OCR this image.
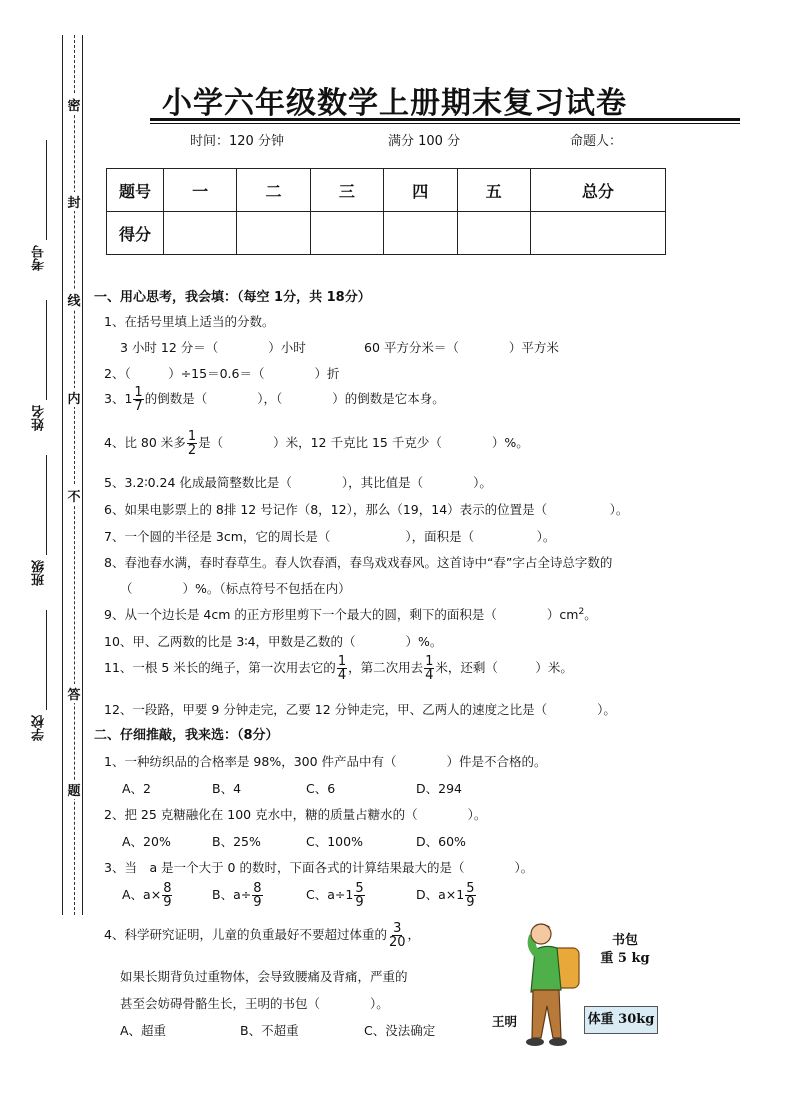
密
封
线
内
不
答
题
考号
姓名
班级
学校
小学六年级数学上册期末复习试卷
时间：120 分钟	满分 100 分	命题人：
题号	一	二	三	四	五	总分
得分						
一、用心思考，我会填：（每空 1分，共 18分）
1、在括号里填上适当的分数。
3 小时 12 分＝（　　　　）小时	60 平方分米＝（　　　　）平方米
2、（　　　）÷15＝0.6＝（　　　　）折
3、$1 \frac{1}{7}$ 的倒数是（　　　　），（　　　　）的倒数是它本身。
4、比 80 米多 $\frac{1}{2}$ 是（　　　　）米，12 千克比 15 千克少（　　　　）%。
5、3.2∶0.24 化成最简整数比是（　　　　），其比值是（　　　　）。
6、如果电影票上的 8排 12 号记作（8，12），那么（19，14）表示的位置是（　　　　　）。
7、一个圆的半径是 3cm，它的周长是（　　　　　　），面积是（　　　　　）。
8、春池春水满，春时春草生。春人饮春酒，春鸟戏戏春风。这首诗中“春”字占全诗总字数的
（　　　　）%。（标点符号不包括在内）
9、从一个边长是 4cm 的正方形里剪下一个最大的圆，剩下的面积是（　　　　）$cm^2$。
10、甲、乙两数的比是 3∶4，甲数是乙数的（　　　　）%。
11、一根 5 米长的绳子，第一次用去它的 $\frac{1}{4}$ ，第二次用去 $\frac{1}{4}$ 米，还剩（　　　）米。
12、一段路，甲要 9 分钟走完，乙要 12 分钟走完，甲、乙两人的速度之比是（　　　　）。
二、仔细推敲，我来选：（8分）
1、一种纺织品的合格率是 98%，300 件产品中有（　　　　）件是不合格的。
A、2	B、4	C、6	D、294
2、把 25 克糖融化在 100 克水中，糖的质量占糖水的（　　　　）。
A、20%	B、25%	C、100%	D、60%
3、当　a 是一个大于 0 的数时，下面各式的计算结果最大的是（　　　　）。
A、$a\times \frac{8}{9}$	B、$a\div \frac{8}{9}$	C、$a\div 1 \frac{5}{9}$	D、$a\times 1 \frac{5}{9}$
4、科学研究证明，儿童的负重最好不要超过体重的 $\frac{3}{20}$ ，
如果长期背负过重物体，会导致腰痛及背痛，严重的
甚至会妨碍骨骼生长，王明的书包（　　　　）。
A、超重	B、不超重	C、没法确定
书包
重 5 kg
体重 30kg
王明
